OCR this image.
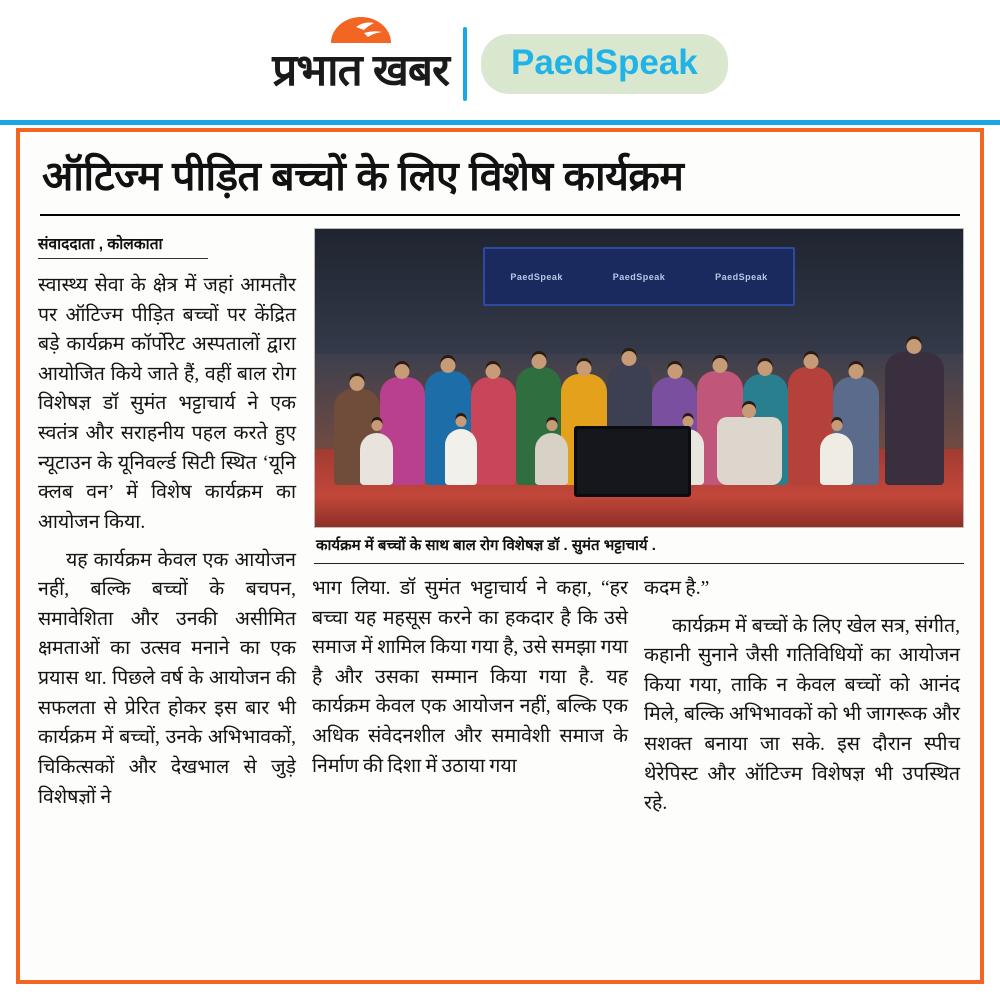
प्रभात खबर PaedSpeak
ऑटिज्म पीड़ित बच्चों के लिए विशेष कार्यक्रम
संवाददाता , कोलकाता

स्वास्थ्य सेवा के क्षेत्र में जहां आमतौर पर ऑटिज्म पीड़ित बच्चों पर केंद्रित बड़े कार्यक्रम कॉर्पोरेट अस्पतालों द्वारा आयोजित किये जाते हैं, वहीं बाल रोग विशेषज्ञ डॉ सुमंत भट्टाचार्य ने एक स्वतंत्र और सराहनीय पहल करते हुए न्यूटाउन के यूनिवर्ल्ड सिटी स्थित ‘यूनि क्लब वन’ में विशेष कार्यक्रम का आयोजन किया.

यह कार्यक्रम केवल एक आयोजन नहीं, बल्कि बच्चों के बचपन, समावेशिता और उनकी असीमित क्षमताओं का उत्सव मनाने का एक प्रयास था. पिछले वर्ष के आयोजन की सफलता से प्रेरित होकर इस बार भी कार्यक्रम में बच्चों, उनके अभिभावकों, चिकित्सकों और देखभाल से जुड़े विशेषज्ञों ने

PaedSpeak	PaedSpeak	PaedSpeak
कार्यक्रम में बच्चों के साथ बाल रोग विशेषज्ञ डॉ . सुमंत भट्टाचार्य .

भाग लिया. डॉ सुमंत भट्टाचार्य ने कहा, “हर बच्चा यह महसूस करने का हकदार है कि उसे समाज में शामिल किया गया है, उसे समझा गया है और उसका सम्मान किया गया है. यह कार्यक्रम केवल एक आयोजन नहीं, बल्कि एक अधिक संवेदनशील और समावेशी समाज के निर्माण की दिशा में उठाया गया

कदम है.”

कार्यक्रम में बच्चों के लिए खेल सत्र, संगीत, कहानी सुनाने जैसी गतिविधियों का आयोजन किया गया, ताकि न केवल बच्चों को आनंद मिले, बल्कि अभिभावकों को भी जागरूक और सशक्त बनाया जा सके. इस दौरान स्पीच थेरेपिस्ट और ऑटिज्म विशेषज्ञ भी उपस्थित रहे.
